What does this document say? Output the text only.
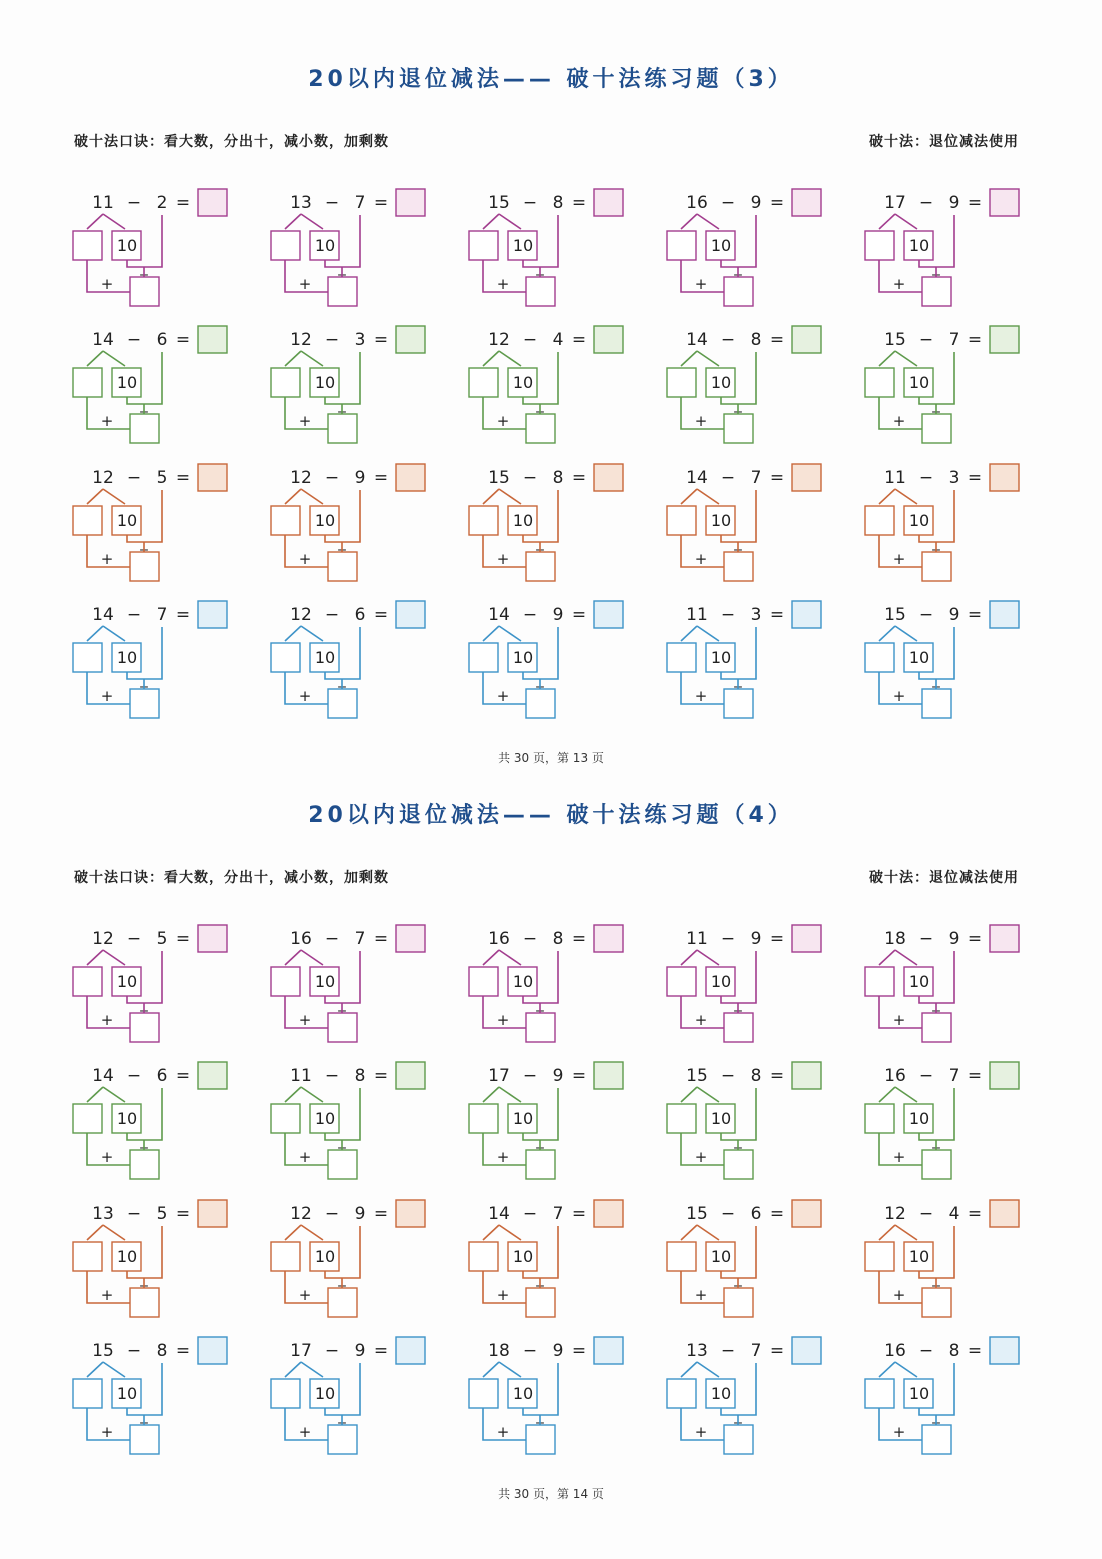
20以内退位减法—— 破十法练习题（3）
破十法口诀：看大数，分出十，减小数，加剩数	破十法：退位减法使用
11 − 2 =
10
_
+
13 − 7 =
10
_
+
15 − 8 =
10
_
+
16 − 9 =
10
_
+
17 − 9 =
10
_
+
14 − 6 =
10
_
+
12 − 3 =
10
_
+
12 − 4 =
10
_
+
14 − 8 =
10
_
+
15 − 7 =
10
_
+
12 − 5 =
10
_
+
12 − 9 =
10
_
+
15 − 8 =
10
_
+
14 − 7 =
10
_
+
11 − 3 =
10
_
+
14 − 7 =
10
_
+
12 − 6 =
10
_
+
14 − 9 =
10
_
+
11 − 3 =
10
_
+
15 − 9 =
10
_
+
共 30 页，第 13 页
20以内退位减法—— 破十法练习题（4）
破十法口诀：看大数，分出十，减小数，加剩数	破十法：退位减法使用
12 − 5 =
10
_
+
16 − 7 =
10
_
+
16 − 8 =
10
_
+
11 − 9 =
10
_
+
18 − 9 =
10
_
+
14 − 6 =
10
_
+
11 − 8 =
10
_
+
17 − 9 =
10
_
+
15 − 8 =
10
_
+
16 − 7 =
10
_
+
13 − 5 =
10
_
+
12 − 9 =
10
_
+
14 − 7 =
10
_
+
15 − 6 =
10
_
+
12 − 4 =
10
_
+
15 − 8 =
10
_
+
17 − 9 =
10
_
+
18 − 9 =
10
_
+
13 − 7 =
10
_
+
16 − 8 =
10
_
+
共 30 页，第 14 页
